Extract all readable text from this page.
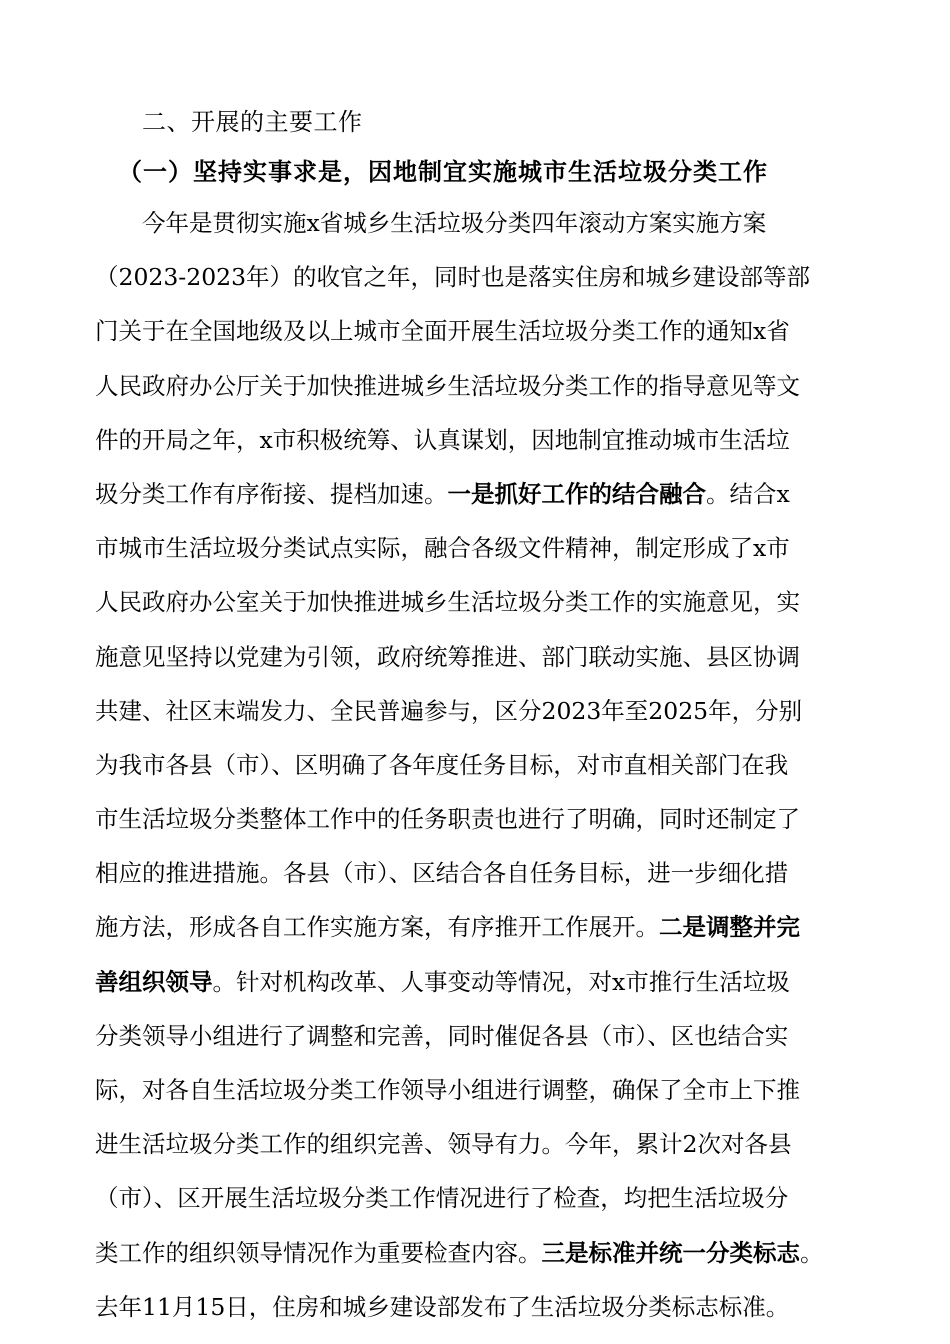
二、开展的主要工作
（一）坚持实事求是，因地制宜实施城市生活垃圾分类工作
　　今年是贯彻实施x省城乡生活垃圾分类四年滚动方案实施方案
（2023-2023年）的收官之年，同时也是落实住房和城乡建设部等部
门关于在全国地级及以上城市全面开展生活垃圾分类工作的通知x省
人民政府办公厅关于加快推进城乡生活垃圾分类工作的指导意见等文
件的开局之年，x市积极统筹、认真谋划，因地制宜推动城市生活垃
圾分类工作有序衔接、提档加速。一是抓好工作的结合融合。结合x
市城市生活垃圾分类试点实际，融合各级文件精神，制定形成了x市
人民政府办公室关于加快推进城乡生活垃圾分类工作的实施意见，实
施意见坚持以党建为引领，政府统筹推进、部门联动实施、县区协调
共建、社区末端发力、全民普遍参与，区分2023年至2025年，分别
为我市各县（市）、区明确了各年度任务目标，对市直相关部门在我
市生活垃圾分类整体工作中的任务职责也进行了明确，同时还制定了
相应的推进措施。各县（市）、区结合各自任务目标，进一步细化措
施方法，形成各自工作实施方案，有序推开工作展开。二是调整并完
善组织领导。针对机构改革、人事变动等情况，对x市推行生活垃圾
分类领导小组进行了调整和完善，同时催促各县（市）、区也结合实
际，对各自生活垃圾分类工作领导小组进行调整，确保了全市上下推
进生活垃圾分类工作的组织完善、领导有力。今年，累计2次对各县
（市）、区开展生活垃圾分类工作情况进行了检查，均把生活垃圾分
类工作的组织领导情况作为重要检查内容。三是标准并统一分类标志。
去年11月15日，住房和城乡建设部发布了生活垃圾分类标志标准。
